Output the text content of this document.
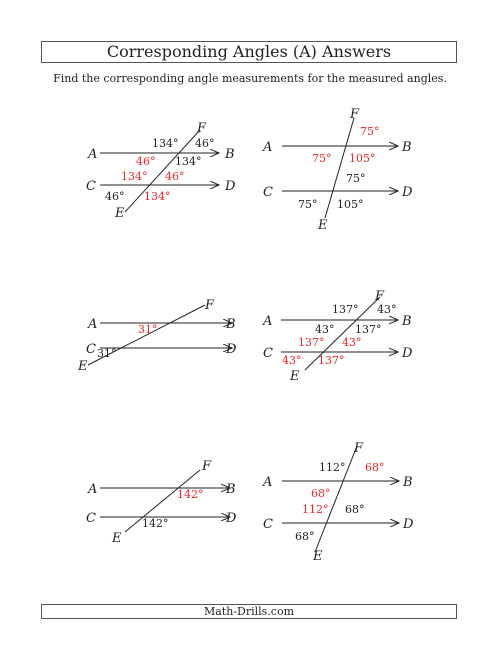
Corresponding Angles (A) Answers
Find the corresponding angle measurements for the measured angles.
A	B
C	D
E
F
134° 46°
46° 134°
134° 46°
46° 134°
A	B
C	D
E
F
75°
75° 105°
75°
75° 105°
A	B
C	D
E
F
31°
31°
A	B
C	D
E
F
137° 43°
43° 137°
137° 43°
43° 137°
A	B
C	D
E
F
142°
142°
A	B
C	D
E
F
112° 68°
68°
112° 68°
68°
Math-Drills.com
